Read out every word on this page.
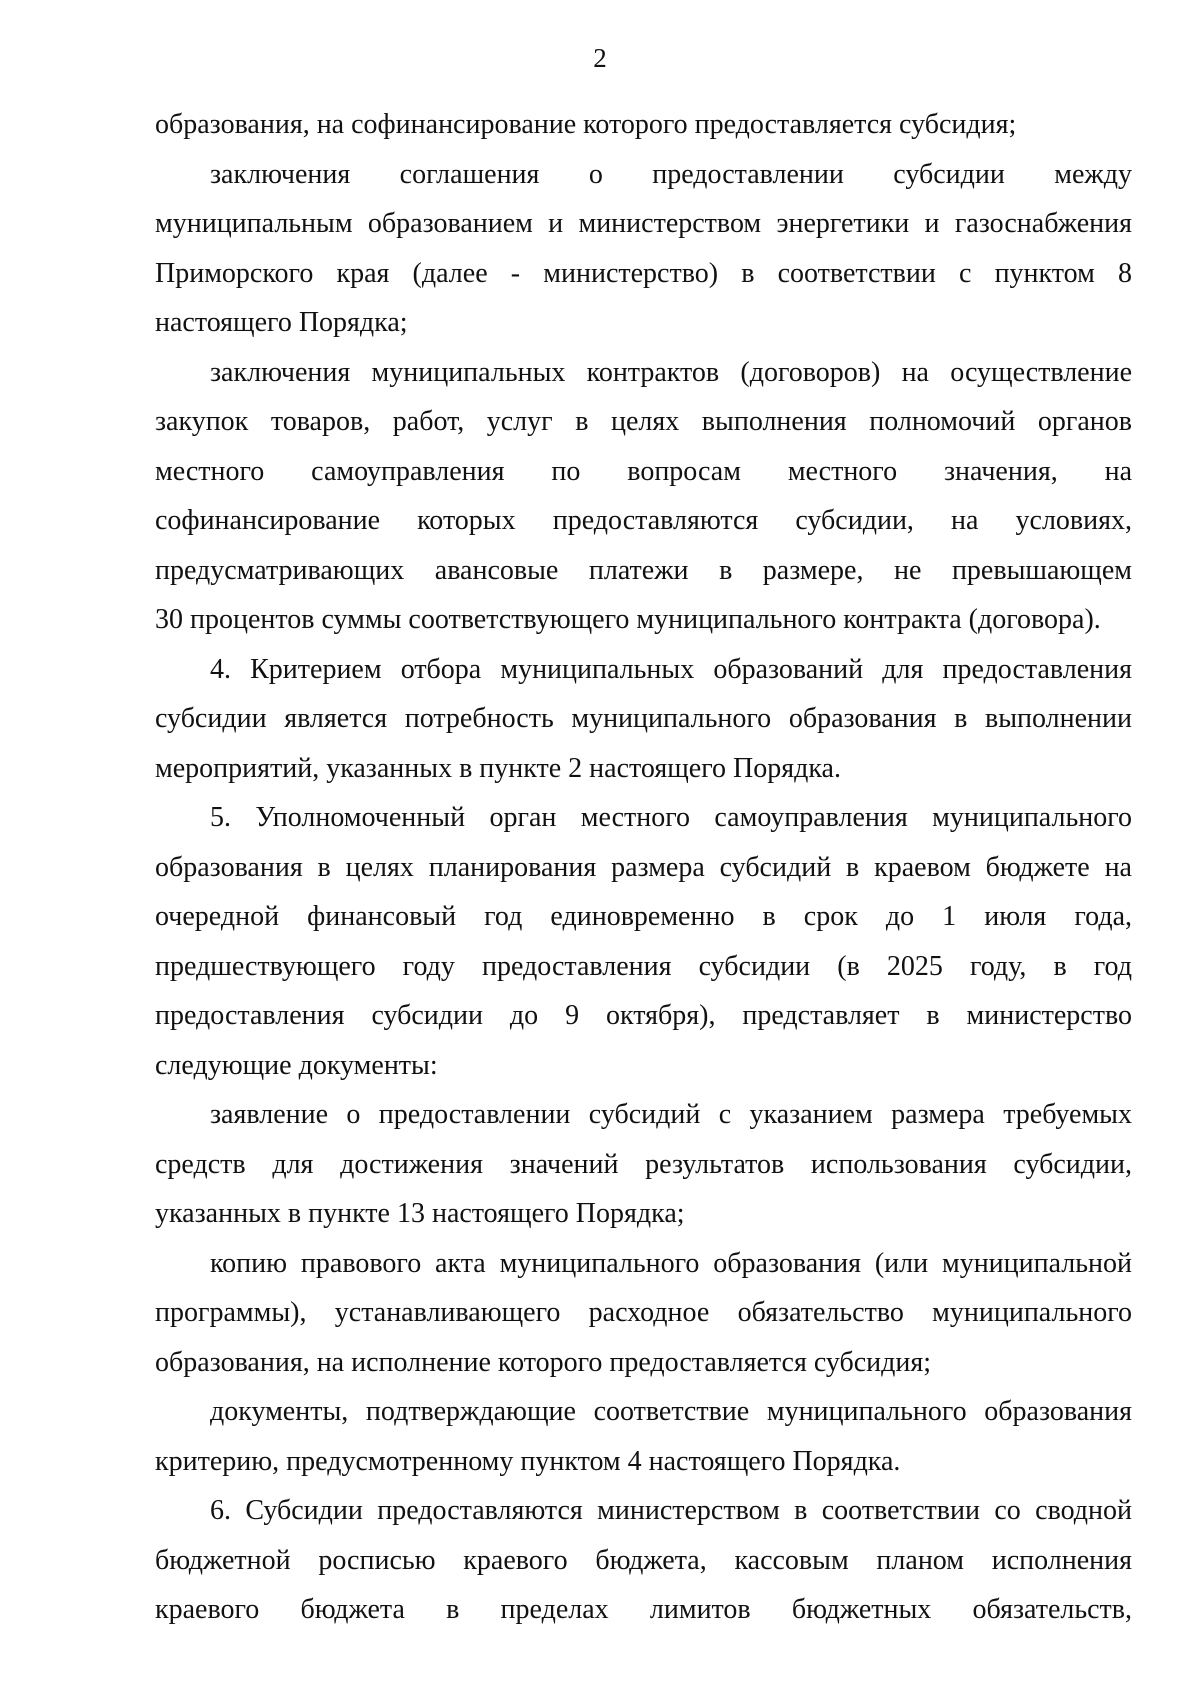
2
образования, на софинансирование которого предоставляется субсидия;
заключения соглашения о предоставлении субсидии между
муниципальным образованием и министерством энергетики и газоснабжения
Приморского края (далее - министерство) в соответствии с пунктом 8
настоящего Порядка;
заключения муниципальных контрактов (договоров) на осуществление
закупок товаров, работ, услуг в целях выполнения полномочий органов
местного самоуправления по вопросам местного значения, на
софинансирование которых предоставляются субсидии, на условиях,
предусматривающих авансовые платежи в размере, не превышающем
30 процентов суммы соответствующего муниципального контракта (договора).
4. Критерием отбора муниципальных образований для предоставления
субсидии является потребность муниципального образования в выполнении
мероприятий, указанных в пункте 2 настоящего Порядка.
5. Уполномоченный орган местного самоуправления муниципального
образования в целях планирования размера субсидий в краевом бюджете на
очередной финансовый год единовременно в срок до 1 июля года,
предшествующего году предоставления субсидии (в 2025 году, в год
предоставления субсидии до 9 октября), представляет в министерство
следующие документы:
заявление о предоставлении субсидий с указанием размера требуемых
средств для достижения значений результатов использования субсидии,
указанных в пункте 13 настоящего Порядка;
копию правового акта муниципального образования (или муниципальной
программы), устанавливающего расходное обязательство муниципального
образования, на исполнение которого предоставляется субсидия;
документы, подтверждающие соответствие муниципального образования
критерию, предусмотренному пунктом 4 настоящего Порядка.
6. Субсидии предоставляются министерством в соответствии со сводной
бюджетной росписью краевого бюджета, кассовым планом исполнения
краевого бюджета в пределах лимитов бюджетных обязательств,
